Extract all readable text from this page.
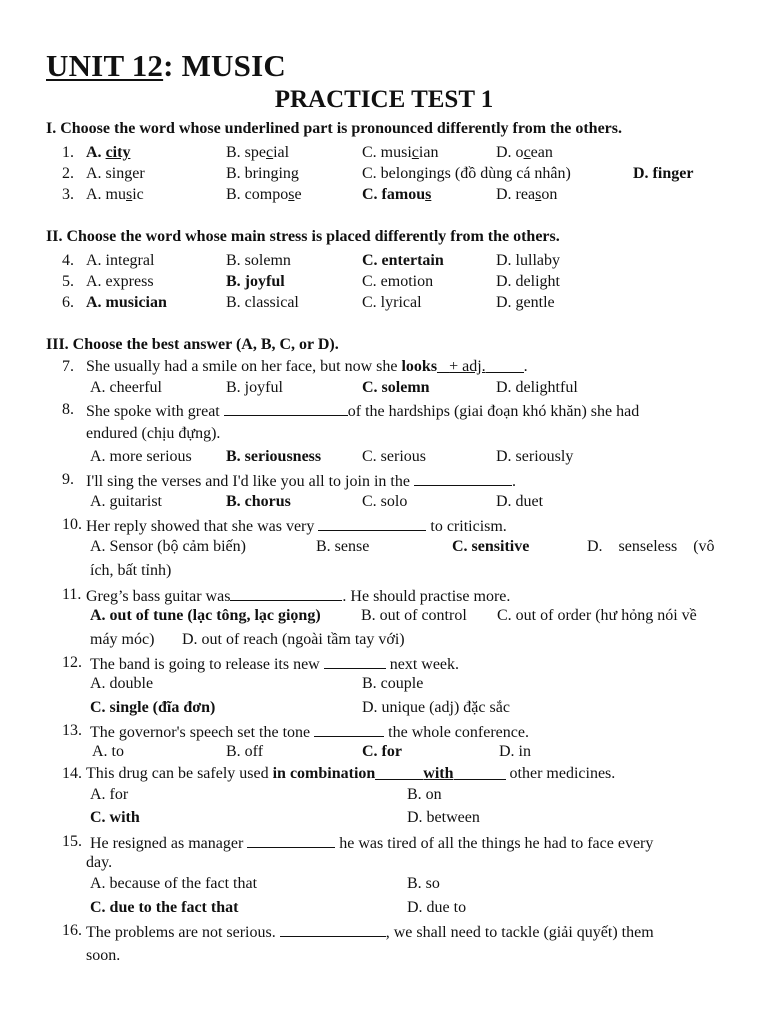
UNIT 12: MUSIC
PRACTICE TEST 1
I. Choose the word whose underlined part is pronounced differently from the others.
1. A. city	B. special	C. musician	D. ocean
2. A. singer	B. bringing	C. belongings (đồ dùng cá nhân)	D. finger
3. A. music	B. compose	C. famous	D. reason
II. Choose the word whose main stress is placed differently from the others.
4. A. integral	B. solemn	C. entertain	D. lullaby
5. A. express	B. joyful	C. emotion	D. delight
6. A. musician	B. classical	C. lyrical	D. gentle
III. Choose the best answer (A, B, C, or D).
7. She usually had a smile on her face, but now she looks + adj. .
A. cheerful	B. joyful	C. solemn	D. delightful
8. She spoke with great	of the hardships (giai đoạn khó khăn) she had
endured (chịu đựng).
A. more serious B. seriousness	C. serious	D. seriously
9. I'll sing the verses and I'd like you all to join in the	.
A. guitarist	B. chorus	C. solo	D. duet
10. Her reply showed that she was very	to criticism.
A. Sensor (bộ cảm biến)	B. sense	C. sensitive	D.    senseless    (vô
ích, bất tỉnh)
11. Greg’s bass guitar was	. He should practise more.
A. out of tune (lạc tông, lạc giọng)	B. out of control C. out of order (hư hỏng nói về
máy móc) D. out of reach (ngoài tầm tay với)
12. The band is going to release its new	next week.
A. double	B. couple
C. single (đĩa đơn)	D. unique (adj) đặc sắc
13. The governor's speech set the tone	the whole conference.
A. to	B. off	C. for	D. in
14. This drug can be safely used in combination	with	other medicines.
A. for	B. on
C. with	D. between
15. He resigned as manager	he was tired of all the things he had to face every
day.
A. because of the fact that	B. so
C. due to the fact that	D. due to
16. The problems are not serious.	, we shall need to tackle (giải quyết) them
soon.
